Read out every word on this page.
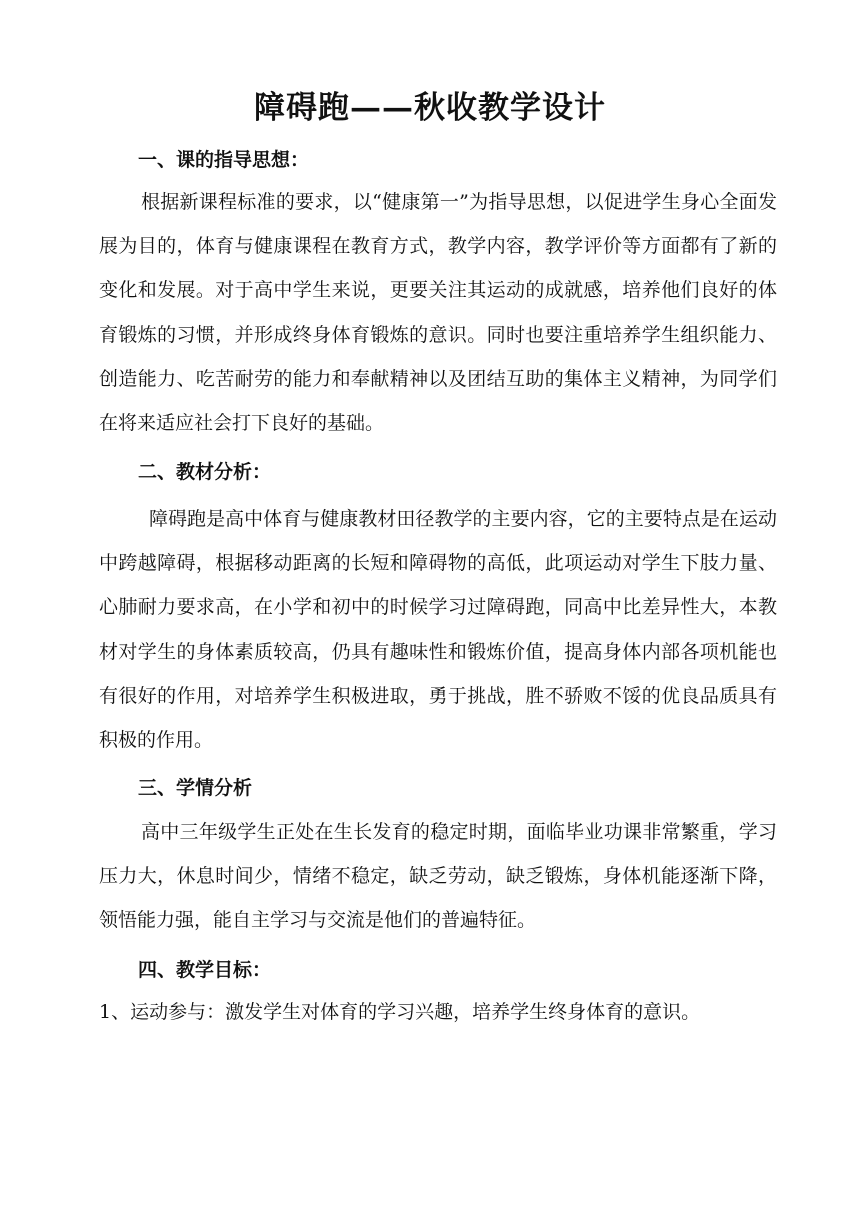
障碍跑——秋收教学设计
一、课的指导思想：

根据新课程标准的要求，以“健康第一”为指导思想，以促进学生身心全面发展为目的，体育与健康课程在教育方式，教学内容，教学评价等方面都有了新的变化和发展。对于高中学生来说，更要关注其运动的成就感，培养他们良好的体育锻炼的习惯，并形成终身体育锻炼的意识。同时也要注重培养学生组织能力、创造能力、吃苦耐劳的能力和奉献精神以及团结互助的集体主义精神，为同学们在将来适应社会打下良好的基础。

二、教材分析：

障碍跑是高中体育与健康教材田径教学的主要内容，它的主要特点是在运动中跨越障碍，根据移动距离的长短和障碍物的高低，此项运动对学生下肢力量、心肺耐力要求高，在小学和初中的时候学习过障碍跑，同高中比差异性大，本教材对学生的身体素质较高，仍具有趣味性和锻炼价值，提高身体内部各项机能也有很好的作用，对培养学生积极进取，勇于挑战，胜不骄败不馁的优良品质具有积极的作用。

三、学情分析

高中三年级学生正处在生长发育的稳定时期，面临毕业功课非常繁重，学习压力大，休息时间少，情绪不稳定，缺乏劳动，缺乏锻炼，身体机能逐渐下降，领悟能力强，能自主学习与交流是他们的普遍特征。

四、教学目标：
1、运动参与：激发学生对体育的学习兴趣，培养学生终身体育的意识。
